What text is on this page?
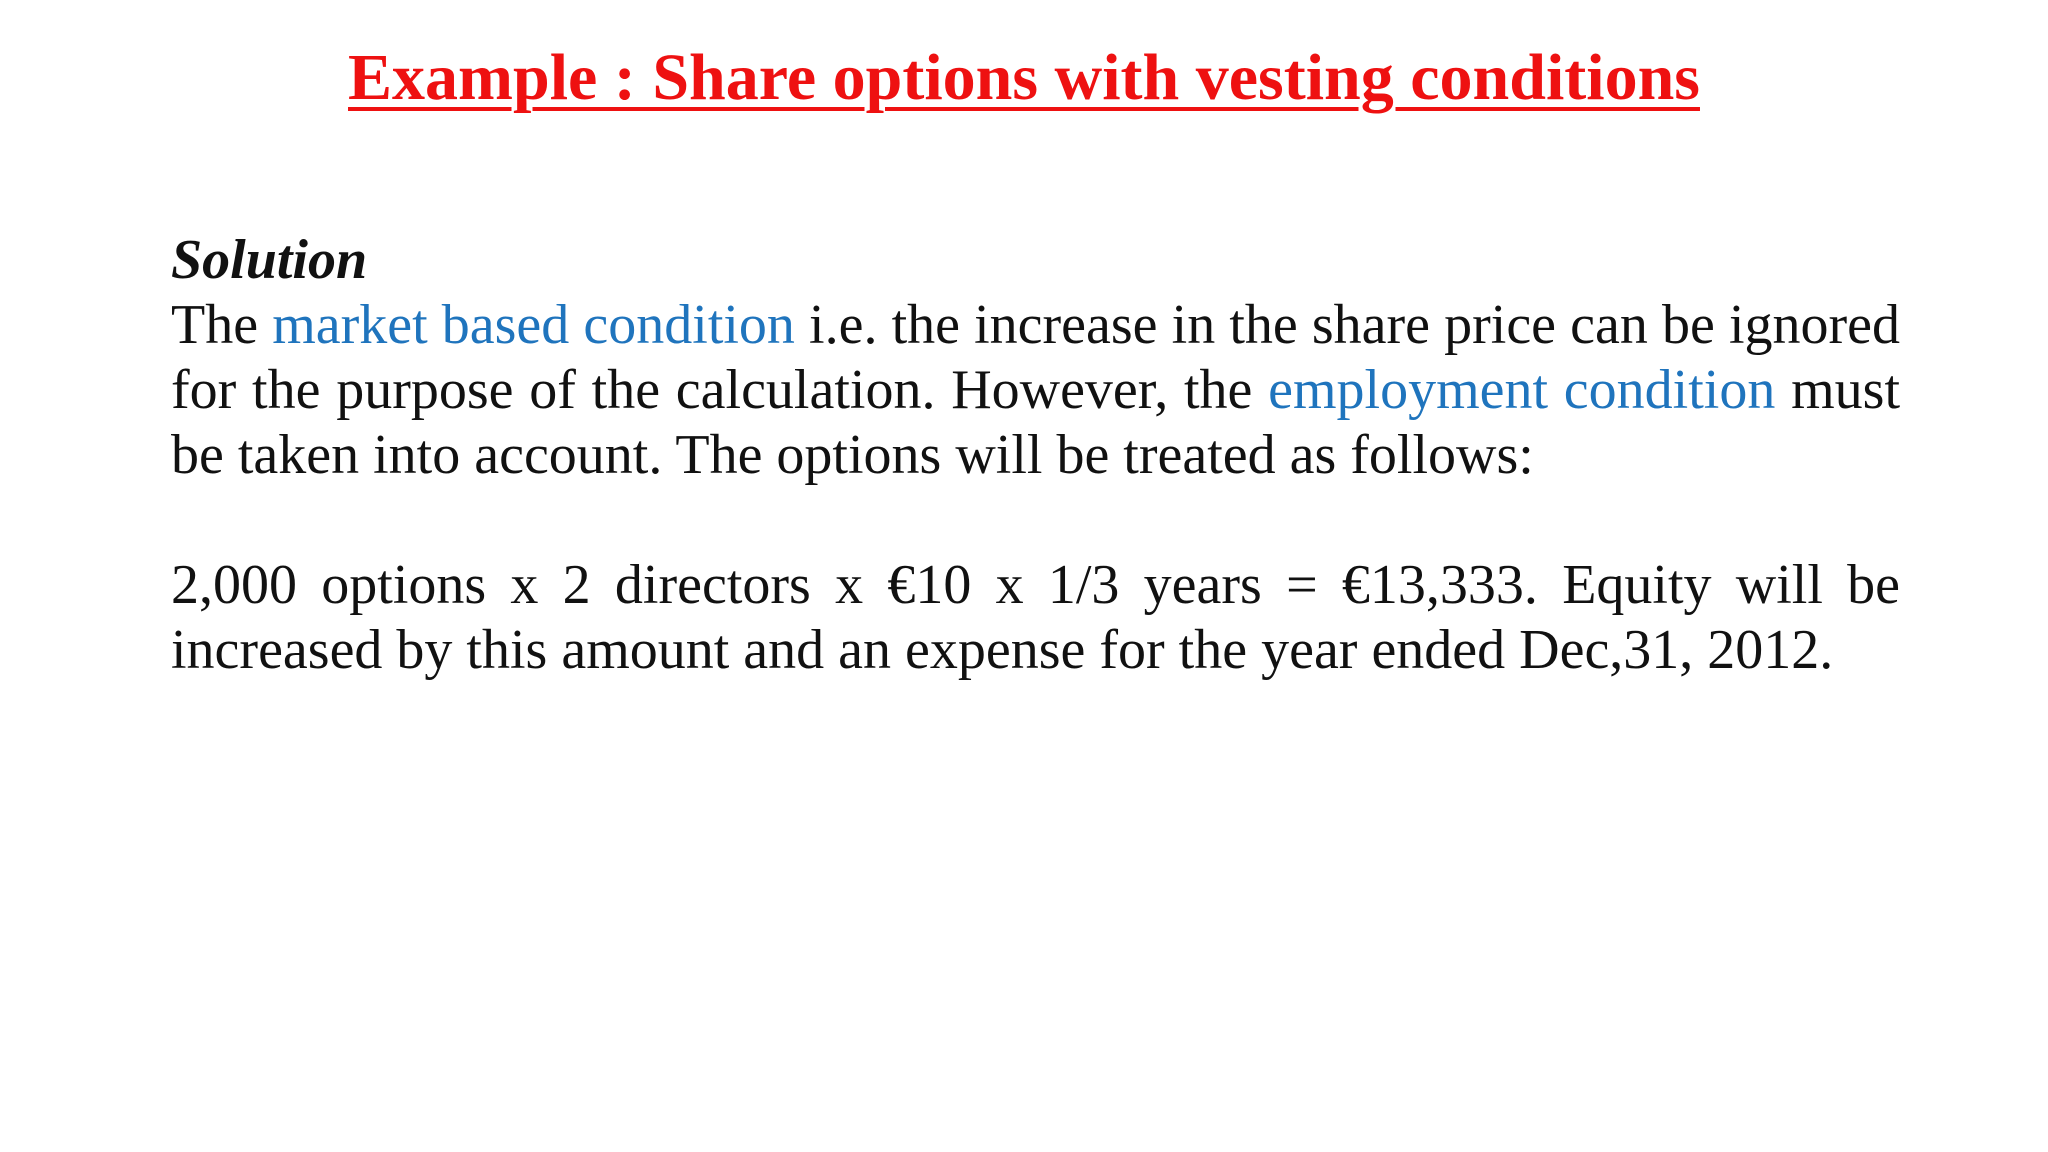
Example : Share options with vesting conditions

Solution

The market based condition i.e. the increase in the share price can be ignored for the purpose of the calculation. However, the employment condition must be taken into account. The options will be treated as follows:

2,000 options x 2 directors x €10 x 1/3 years = €13,333. Equity will be increased by this amount and an expense for the year ended Dec,31, 2012.
